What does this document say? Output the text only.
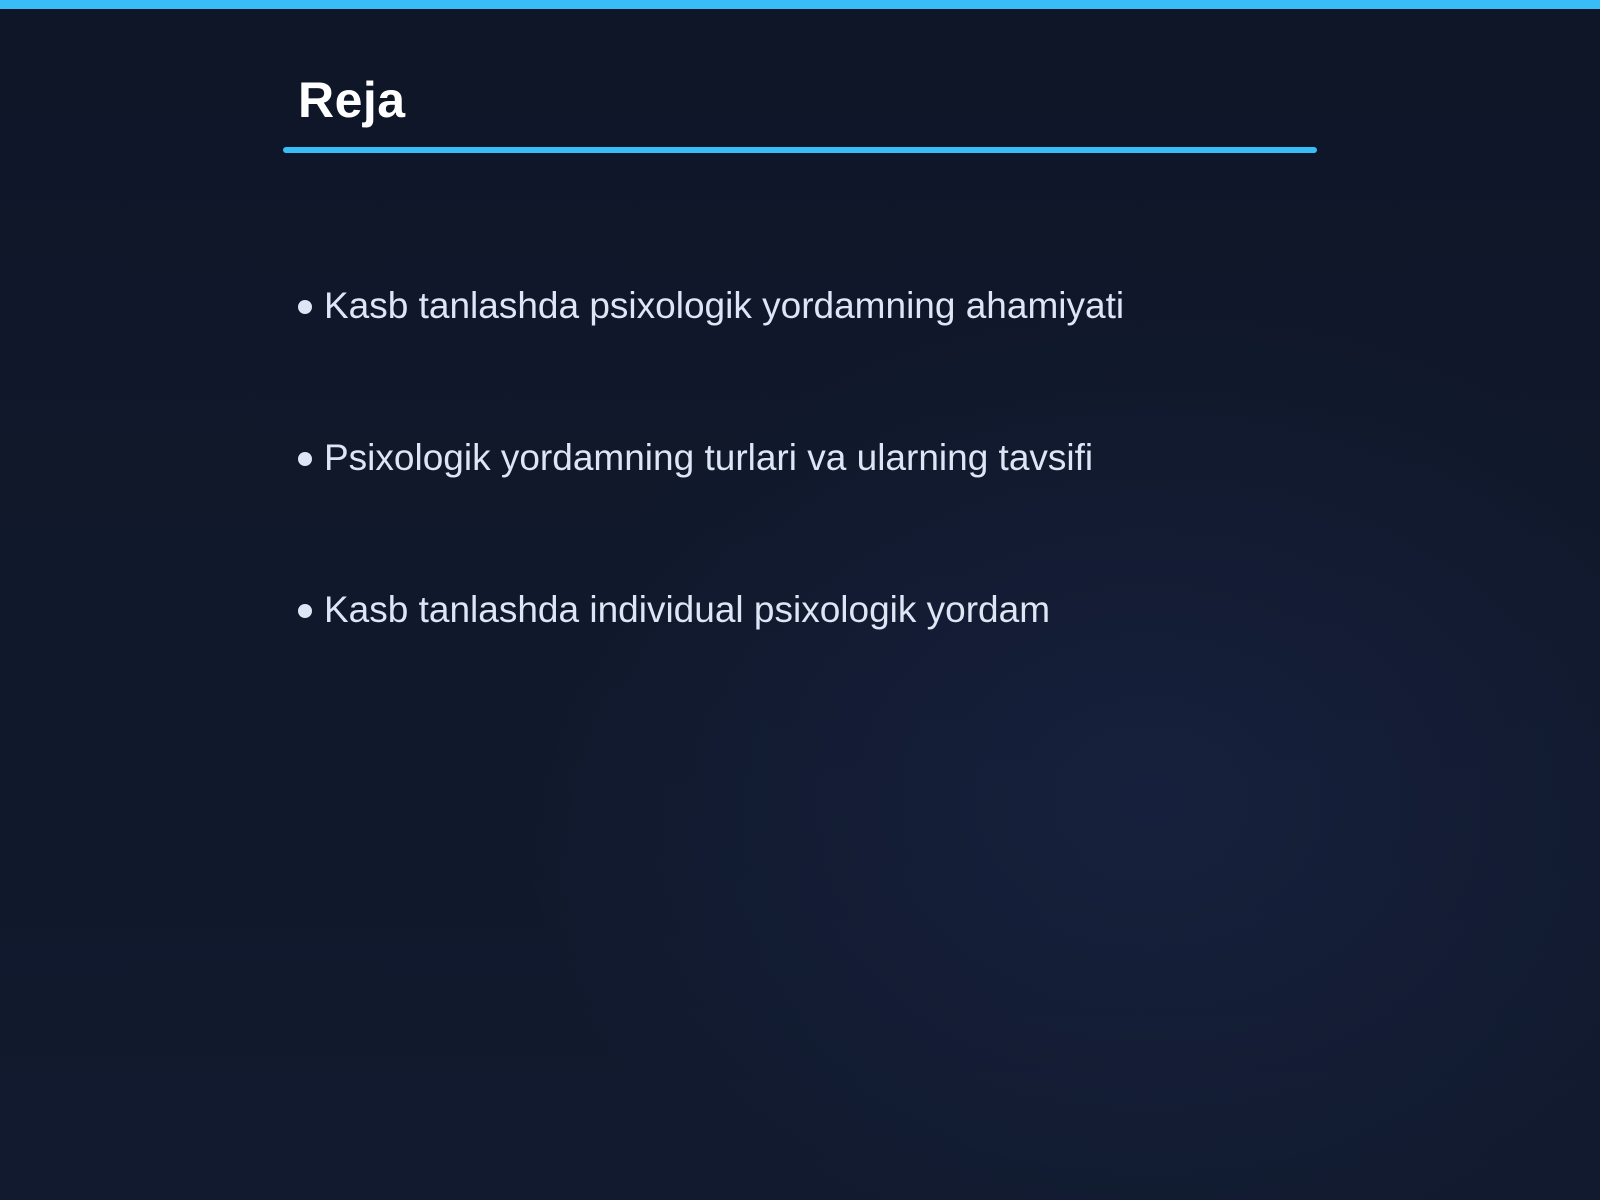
Reja
Kasb tanlashda psixologik yordamning ahamiyati
Psixologik yordamning turlari va ularning tavsifi
Kasb tanlashda individual psixologik yordam
